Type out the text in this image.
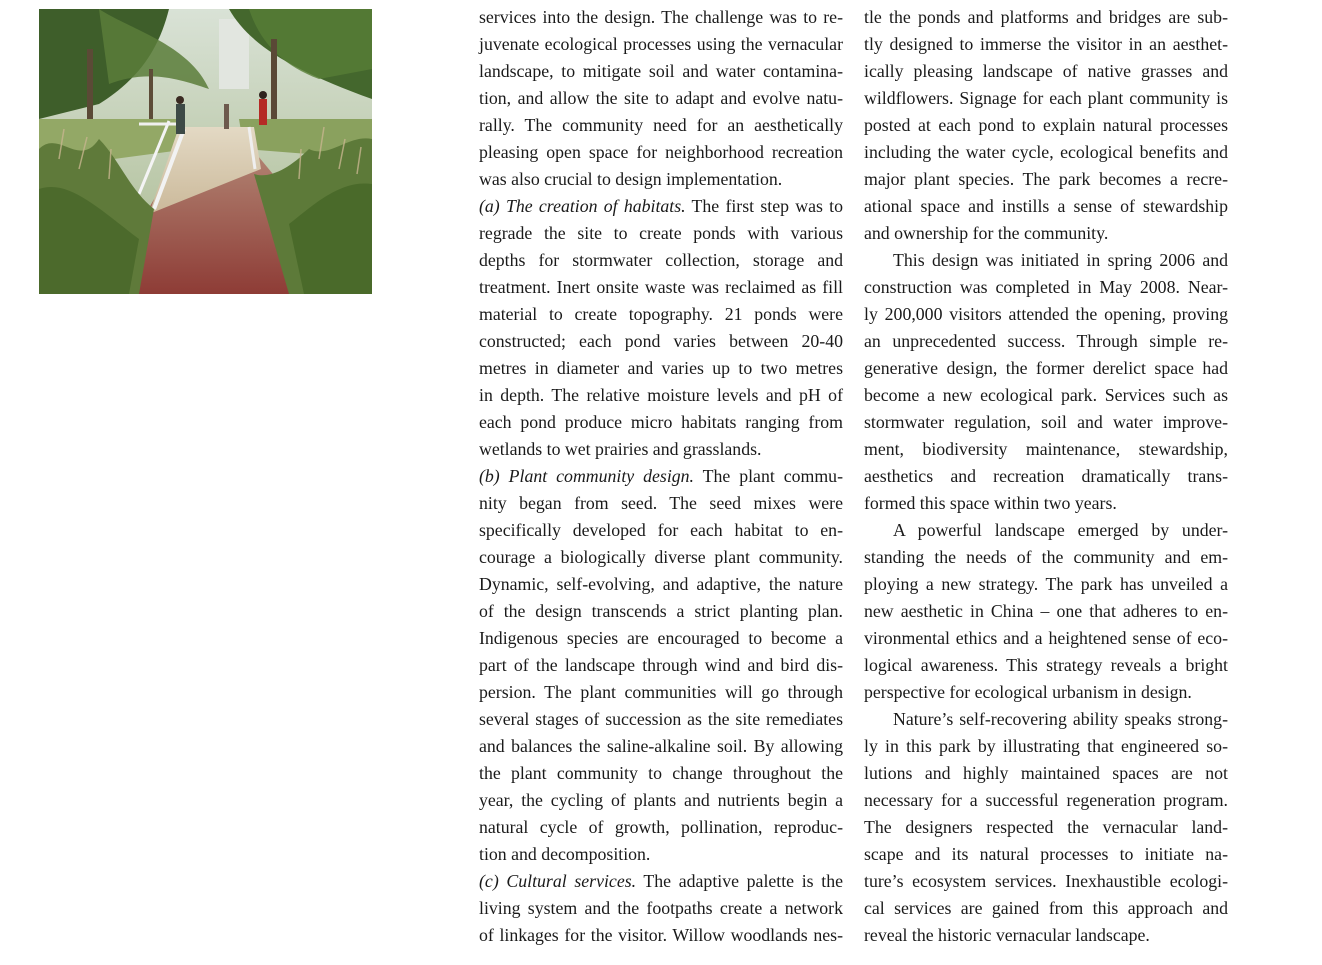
services into the design. The challenge was to re-
juvenate ecological processes using the vernacular
landscape, to mitigate soil and water contamina-
tion, and allow the site to adapt and evolve natu-
rally. The community need for an aesthetically
pleasing open space for neighborhood recreation
was also crucial to design implementation.
(a) The creation of habitats. The first step was to
regrade the site to create ponds with various
depths for stormwater collection, storage and
treatment. Inert onsite waste was reclaimed as fill
material to create topography. 21 ponds were
constructed; each pond varies between 20-40
metres in diameter and varies up to two metres
in depth. The relative moisture levels and pH of
each pond produce micro habitats ranging from
wetlands to wet prairies and grasslands.
(b) Plant community design. The plant commu-
nity began from seed. The seed mixes were
specifically developed for each habitat to en-
courage a biologically diverse plant community.
Dynamic, self-evolving, and adaptive, the nature
of the design transcends a strict planting plan.
Indigenous species are encouraged to become a
part of the landscape through wind and bird dis-
persion. The plant communities will go through
several stages of succession as the site remediates
and balances the saline-alkaline soil. By allowing
the plant community to change throughout the
year, the cycling of plants and nutrients begin a
natural cycle of growth, pollination, reproduc-
tion and decomposition.
(c) Cultural services. The adaptive palette is the
living system and the footpaths create a network
of linkages for the visitor. Willow woodlands nes-
tle the ponds and platforms and bridges are sub-
tly designed to immerse the visitor in an aesthet-
ically pleasing landscape of native grasses and
wildflowers. Signage for each plant community is
posted at each pond to explain natural processes
including the water cycle, ecological benefits and
major plant species. The park becomes a recre-
ational space and instills a sense of stewardship
and ownership for the community.
This design was initiated in spring 2006 and
construction was completed in May 2008. Near-
ly 200,000 visitors attended the opening, proving
an unprecedented success. Through simple re-
generative design, the former derelict space had
become a new ecological park. Services such as
stormwater regulation, soil and water improve-
ment, biodiversity maintenance, stewardship,
aesthetics and recreation dramatically trans-
formed this space within two years.
A powerful landscape emerged by under-
standing the needs of the community and em-
ploying a new strategy. The park has unveiled a
new aesthetic in China – one that adheres to en-
vironmental ethics and a heightened sense of eco-
logical awareness. This strategy reveals a bright
perspective for ecological urbanism in design.
Nature’s self-recovering ability speaks strong-
ly in this park by illustrating that engineered so-
lutions and highly maintained spaces are not
necessary for a successful regeneration program.
The designers respected the vernacular land-
scape and its natural processes to initiate na-
ture’s ecosystem services. Inexhaustible ecologi-
cal services are gained from this approach and
reveal the historic vernacular landscape.
